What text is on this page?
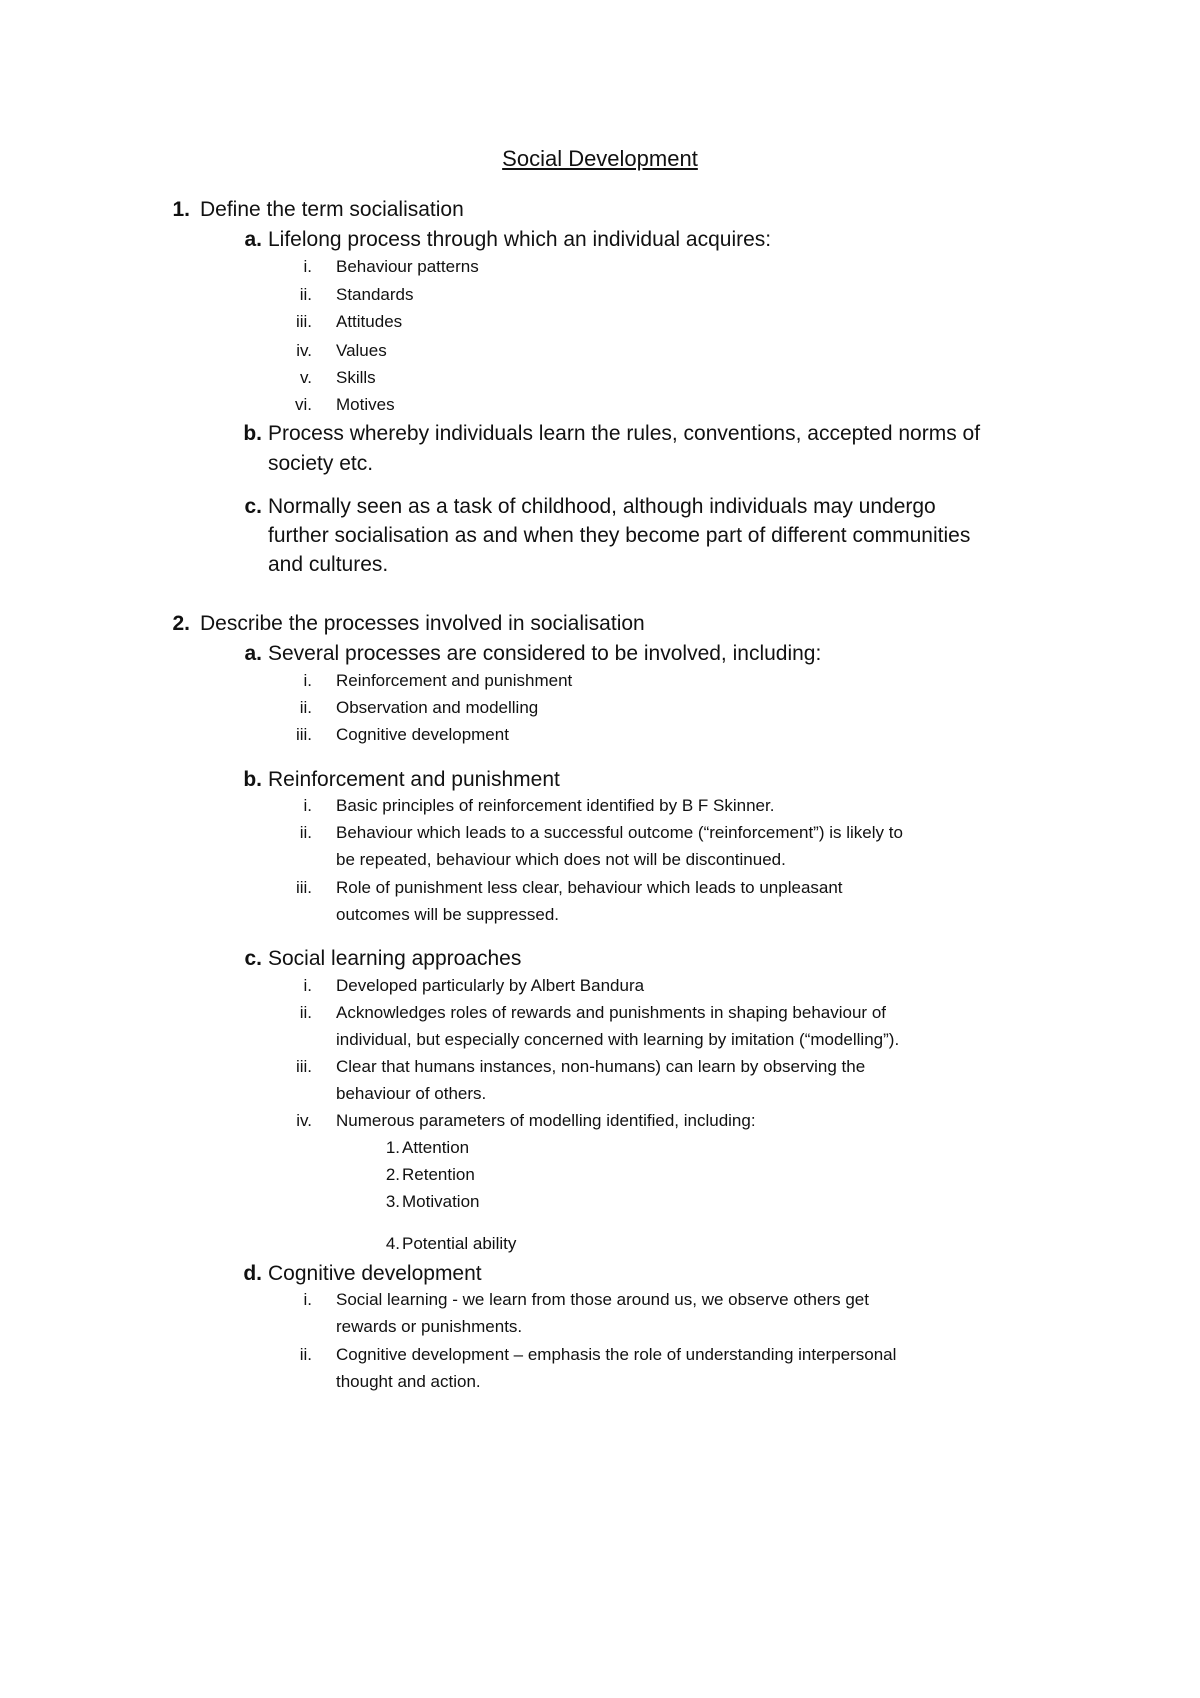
Social Development
1. Define the term socialisation
a. Lifelong process through which an individual acquires:
i. Behaviour patterns
ii. Standards
iii. Attitudes
iv. Values
v. Skills
vi. Motives
b. Process whereby individuals learn the rules, conventions, accepted norms of
society etc.
c. Normally seen as a task of childhood, although individuals may undergo
further socialisation as and when they become part of different communities
and cultures.
2. Describe the processes involved in socialisation
a. Several processes are considered to be involved, including:
i. Reinforcement and punishment
ii. Observation and modelling
iii. Cognitive development
b. Reinforcement and punishment
i. Basic principles of reinforcement identified by B F Skinner.
ii. Behaviour which leads to a successful outcome (“reinforcement”) is likely to
be repeated, behaviour which does not will be discontinued.
iii. Role of punishment less clear, behaviour which leads to unpleasant
outcomes will be suppressed.
c. Social learning approaches
i. Developed particularly by Albert Bandura
ii. Acknowledges roles of rewards and punishments in shaping behaviour of
individual, but especially concerned with learning by imitation (“modelling”).
iii. Clear that humans instances, non-humans) can learn by observing the
behaviour of others.
iv. Numerous parameters of modelling identified, including:
1. Attention
2. Retention
3. Motivation
4. Potential ability
d. Cognitive development
i. Social learning - we learn from those around us, we observe others get
rewards or punishments.
ii. Cognitive development – emphasis the role of understanding interpersonal
thought and action.
